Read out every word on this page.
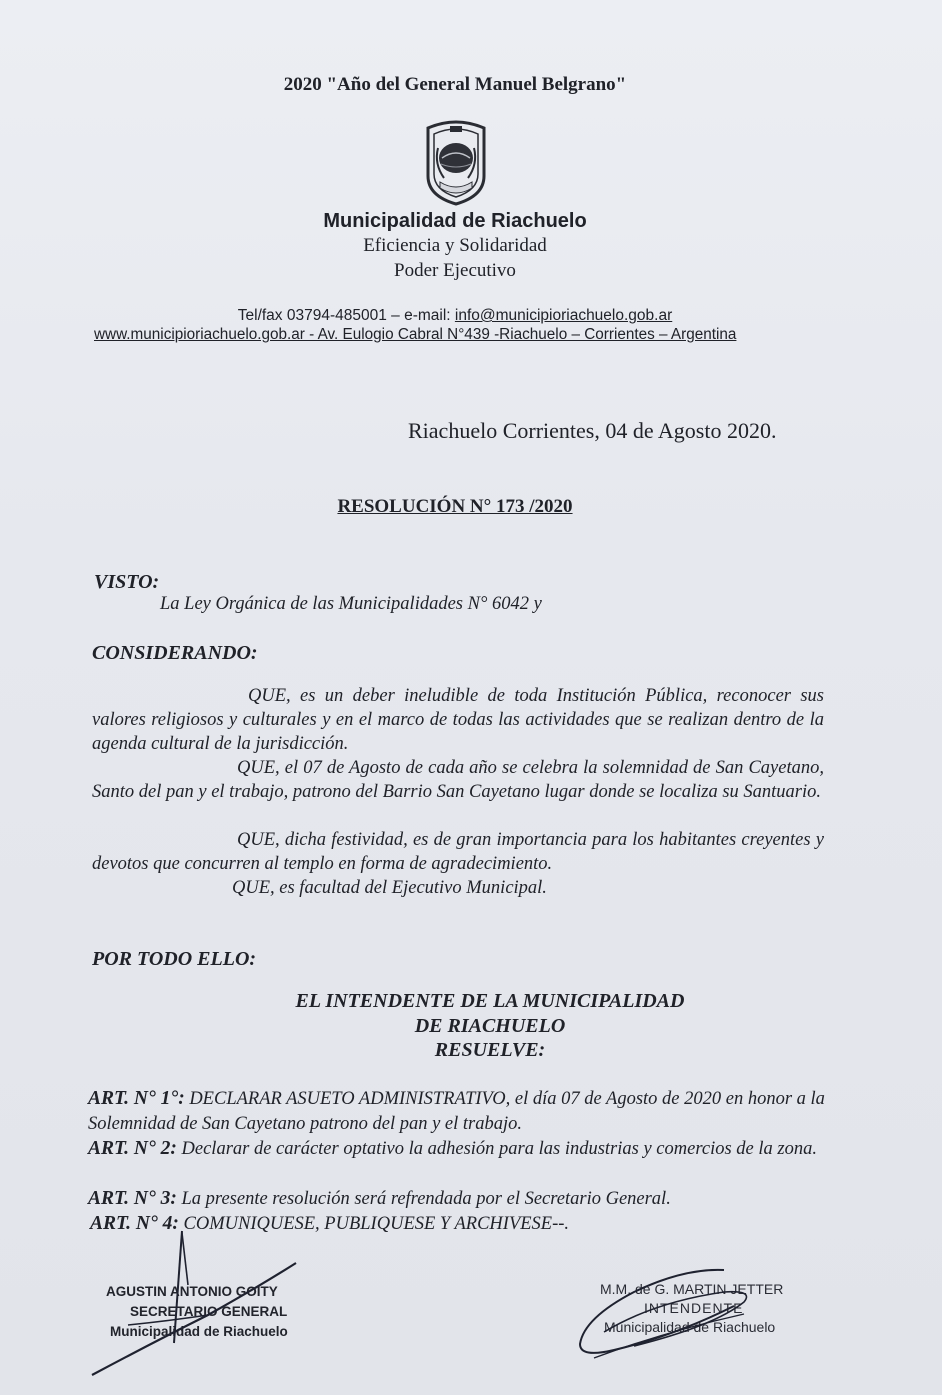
2020 "Año del General Manuel Belgrano"
Municipalidad de Riachuelo
Eficiencia y Solidaridad
Poder Ejecutivo
Tel/fax 03794-485001 – e-mail: info@municipioriachuelo.gob.ar
www.municipioriachuelo.gob.ar - Av. Eulogio Cabral N°439 -Riachuelo – Corrientes – Argentina
Riachuelo Corrientes, 04 de Agosto 2020.
RESOLUCIÓN N° 173 /2020
VISTO:
La Ley Orgánica de las Municipalidades N° 6042 y
CONSIDERANDO:
QUE, es un deber ineludible de toda Institución Pública, reconocer sus valores religiosos y culturales y en el marco de todas las actividades que se realizan dentro de la agenda cultural de la jurisdicción.
QUE, el 07 de Agosto de cada año se celebra la solemnidad de San Cayetano, Santo del pan y el trabajo, patrono del Barrio San Cayetano lugar donde se localiza su Santuario.
QUE, dicha festividad, es de gran importancia para los habitantes creyentes y devotos que concurren al templo en forma de agradecimiento.
QUE, es facultad del Ejecutivo Municipal.
POR TODO ELLO:
EL INTENDENTE DE LA MUNICIPALIDAD
DE RIACHUELO
RESUELVE:
ART. N° 1°: DECLARAR ASUETO ADMINISTRATIVO, el día 07 de Agosto de 2020 en honor a la Solemnidad de San Cayetano patrono del pan y el trabajo.
ART. N° 2: Declarar de carácter optativo la adhesión para las industrias y comercios de la zona.
ART. N° 3: La presente resolución será refrendada por el Secretario General.
ART. N° 4: COMUNIQUESE, PUBLIQUESE Y ARCHIVESE--.
AGUSTIN ANTONIO GOITY
SECRETARIO GENERAL
Municipalidad de Riachuelo
M.M. de G. MARTIN JETTER
INTENDENTE
Municipalidad de Riachuelo
